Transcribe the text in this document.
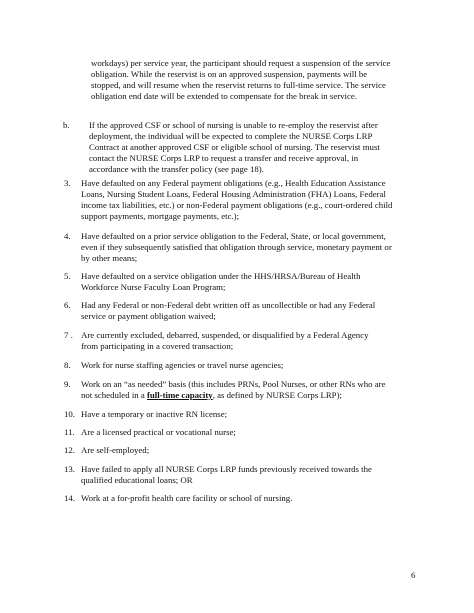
workdays) per service year, the participant should request a suspension of the service obligation. While the reservist is on an approved suspension, payments will be stopped, and will resume when the reservist returns to full-time service. The service obligation end date will be extended to compensate for the break in service.

b. If the approved CSF or school of nursing is unable to re-employ the reservist after deployment, the individual will be expected to complete the NURSE Corps LRP Contract at another approved CSF or eligible school of nursing. The reservist must contact the NURSE Corps LRP to request a transfer and receive approval, in accordance with the transfer policy (see page 18).
3. Have defaulted on any Federal payment obligations (e.g., Health Education Assistance Loans, Nursing Student Loans, Federal Housing Administration (FHA) Loans, Federal income tax liabilities, etc.) or non-Federal payment obligations (e.g., court-ordered child support payments, mortgage payments, etc.);
4. Have defaulted on a prior service obligation to the Federal, State, or local government, even if they subsequently satisfied that obligation through service, monetary payment or by other means;
5. Have defaulted on a service obligation under the HHS/HRSA/Bureau of Health Workforce Nurse Faculty Loan Program;
6. Had any Federal or non-Federal debt written off as uncollectible or had any Federal service or payment obligation waived;
7 . Are currently excluded, debarred, suspended, or disqualified by a Federal Agency from participating in a covered transaction;
8. Work for nurse staffing agencies or travel nurse agencies;
9. Work on an “as needed” basis (this includes PRNs, Pool Nurses, or other RNs who are not scheduled in a full-time capacity, as defined by NURSE Corps LRP);
10. Have a temporary or inactive RN license;
11. Are a licensed practical or vocational nurse;
12. Are self-employed;
13. Have failed to apply all NURSE Corps LRP funds previously received towards the qualified educational loans; OR
14. Work at a for-profit health care facility or school of nursing.
6
